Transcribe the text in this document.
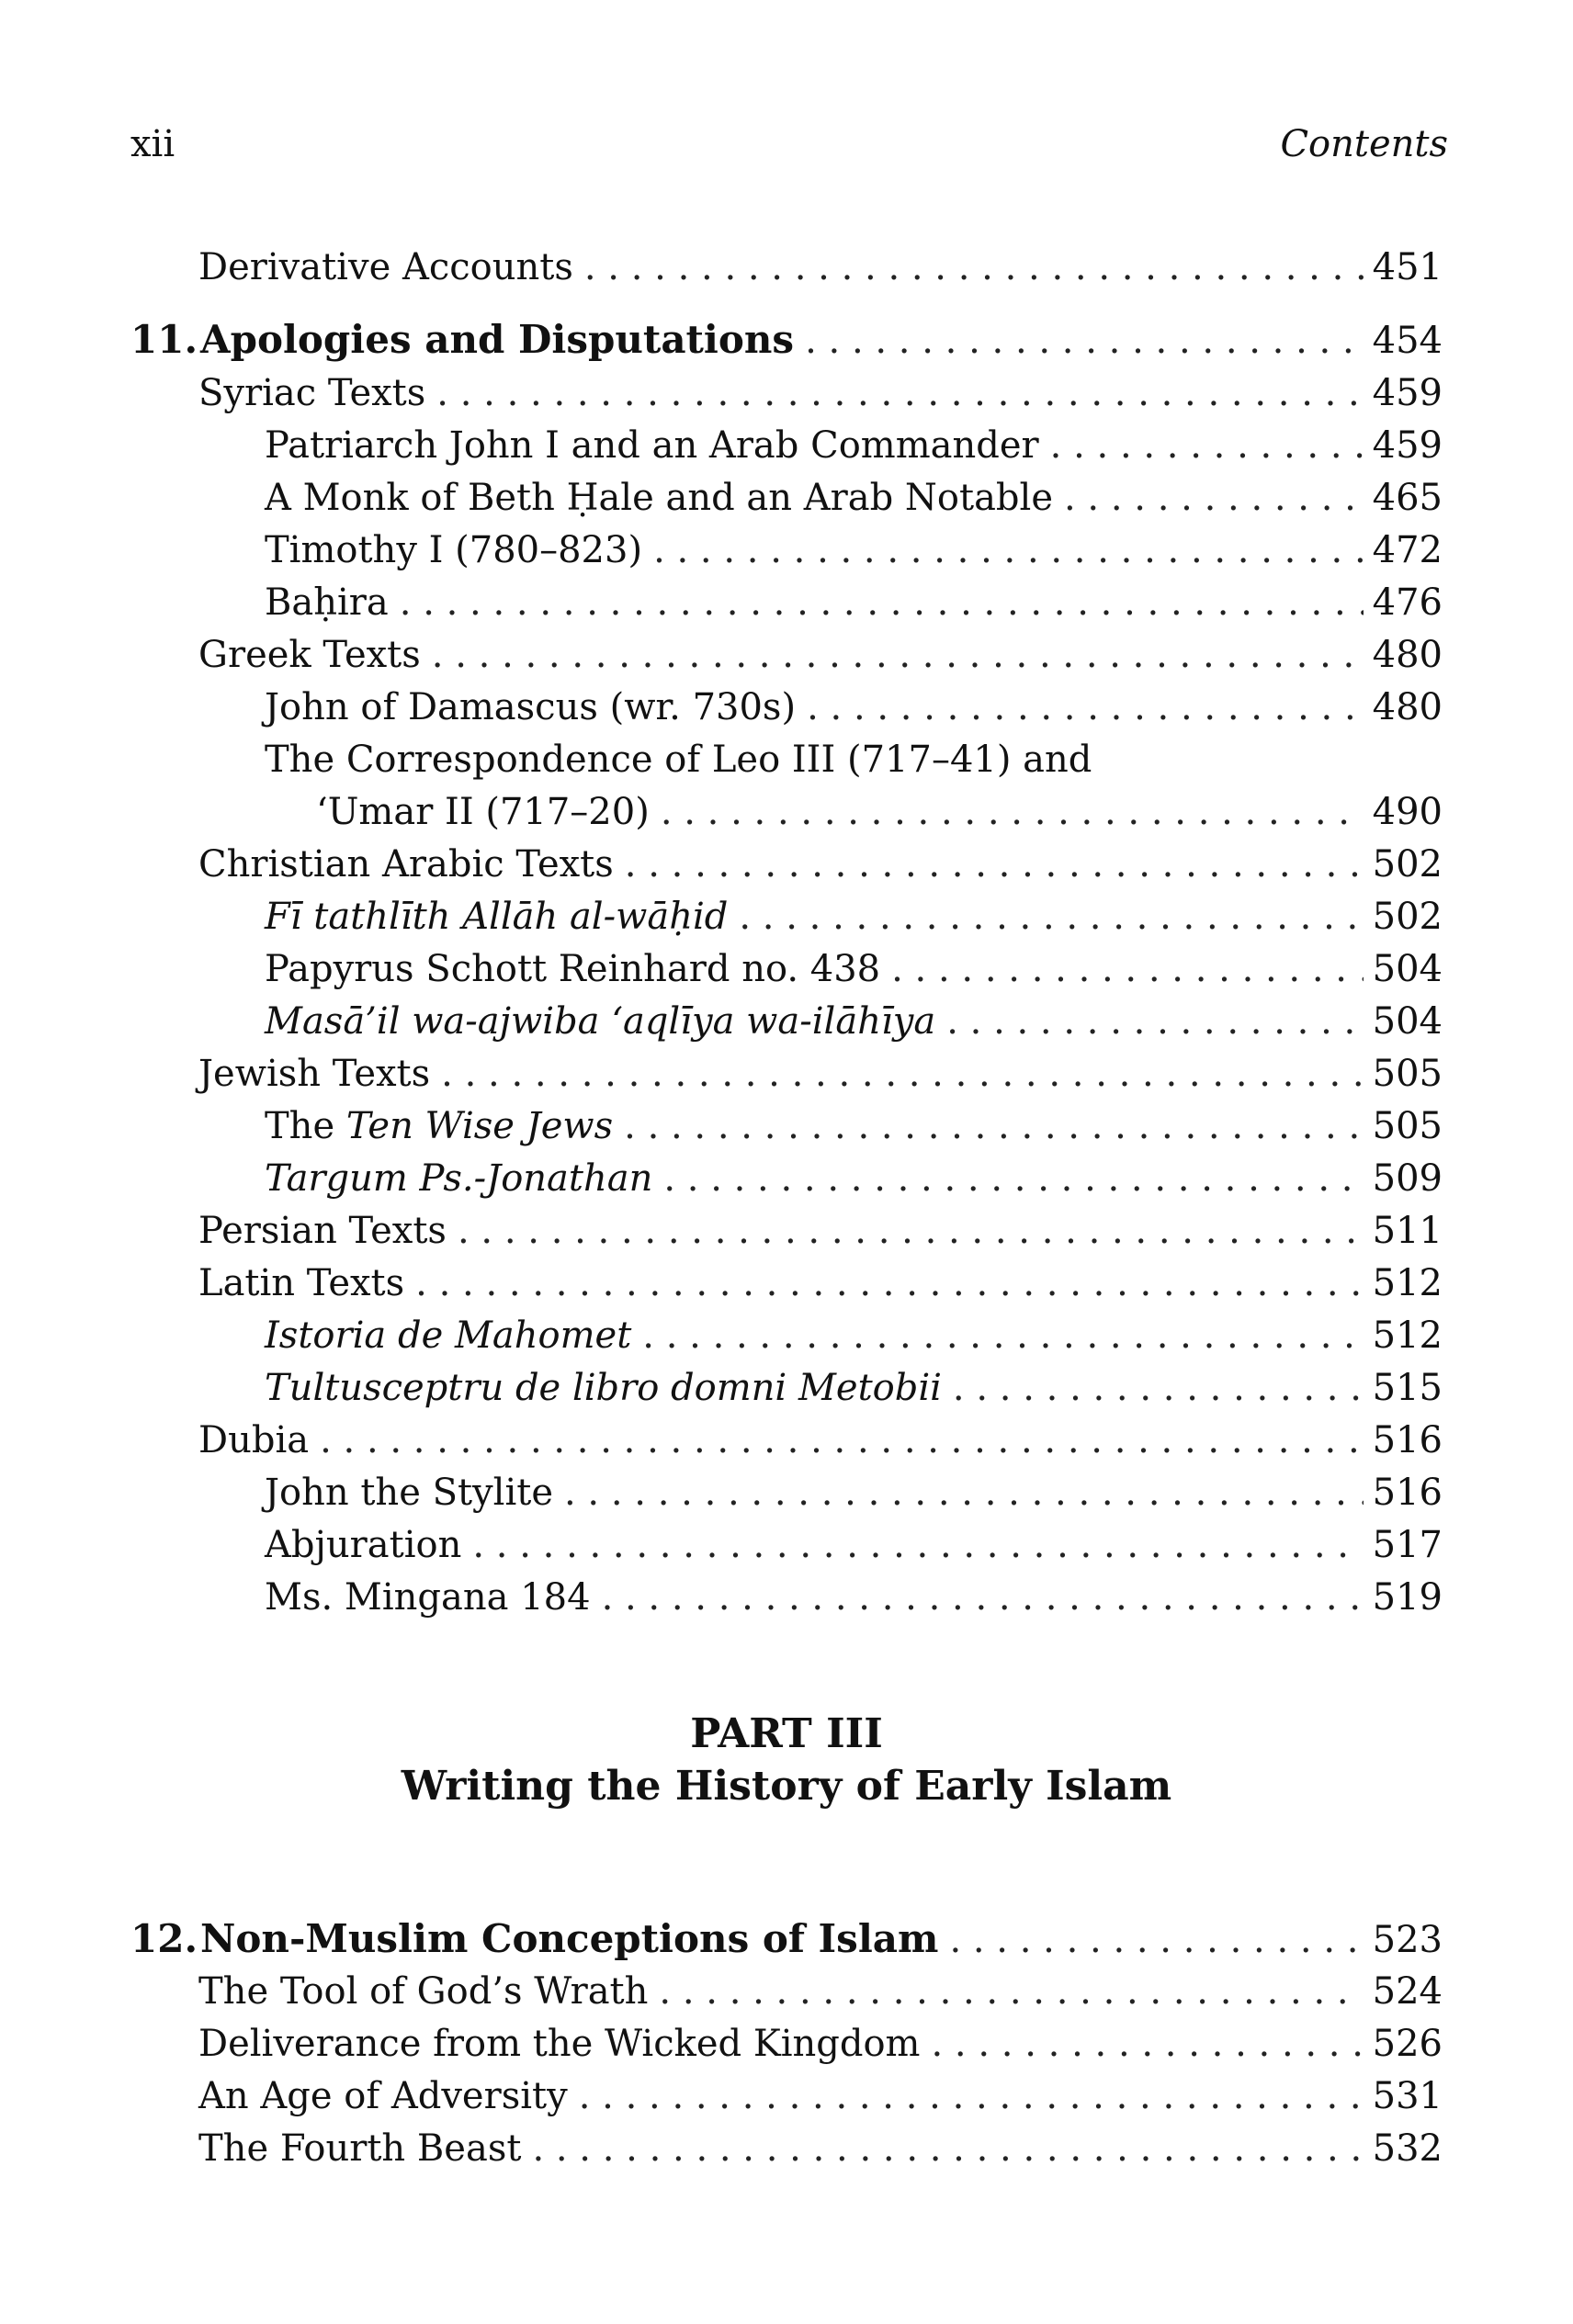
xii	Contents
Derivative Accounts . . .	451
11.Apologies and Disputations . . .	454
Syriac Texts . . .	459
Patriarch John I and an Arab Commander . . .	459
A Monk of Beth Ḥale and an Arab Notable . . .	465
Timothy I (780–823) . . .	472
Baḥira . . .	476
Greek Texts . . .	480
John of Damascus (wr. 730s) . . .	480
The Correspondence of Leo III (717–41) and
‘Umar II (717–20) . . .	490
Christian Arabic Texts . . .	502
Fī tathlīth Allāh al-wāḥid . . .	502
Papyrus Schott Reinhard no. 438 . . .	504
Masā’il wa-ajwiba ‘aqlīya wa-ilāhīya . . .	504
Jewish Texts . . .	505
The Ten Wise Jews . . .	505
Targum Ps.-Jonathan . . .	509
Persian Texts . . .	511
Latin Texts . . .	512
Istoria de Mahomet . . .	512
Tultusceptru de libro domni Metobii . . .	515
Dubia . . .	516
John the Stylite . . .	516
Abjuration . . .	517
Ms. Mingana 184 . . .	519
PART III
Writing the History of Early Islam
12.Non-Muslim Conceptions of Islam . . .	523
The Tool of God’s Wrath . . .	524
Deliverance from the Wicked Kingdom . . .	526
An Age of Adversity . . .	531
The Fourth Beast . . .	532
